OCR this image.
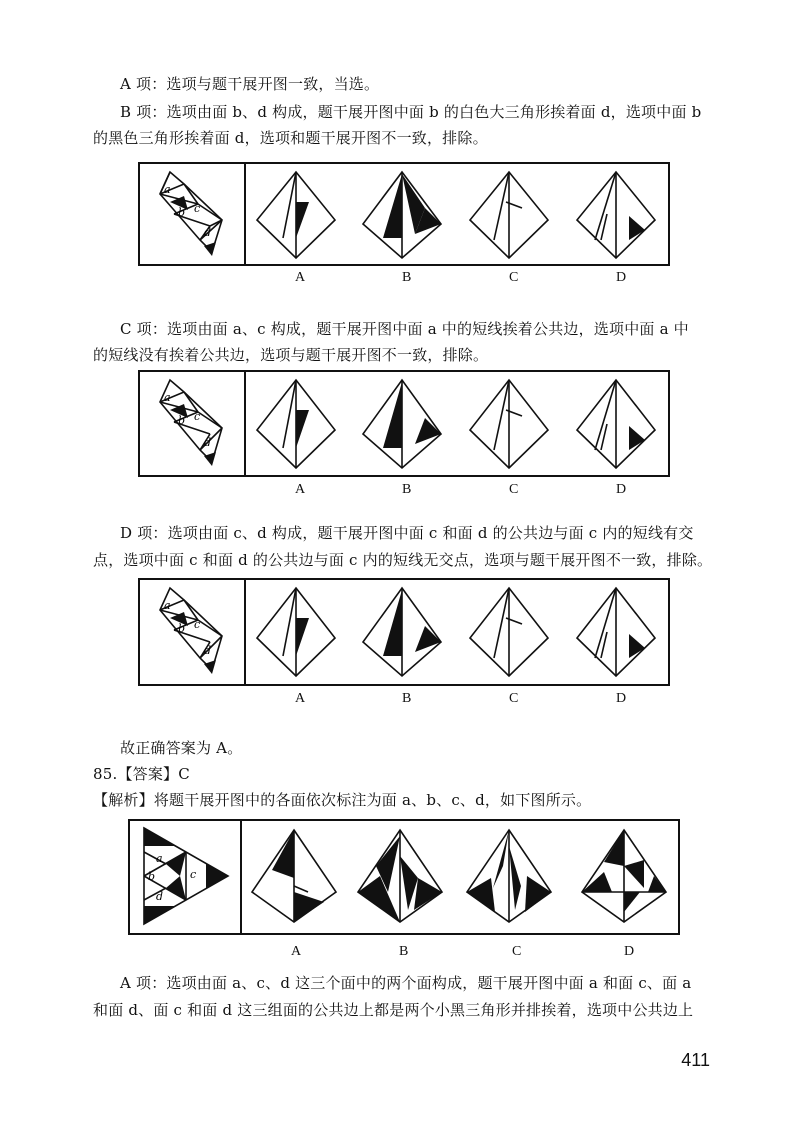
A 项：选项与题干展开图一致，当选。
B 项：选项由面 b、d 构成，题干展开图中面 b 的白色大三角形挨着面 d，选项中面 b
的黑色三角形挨着面 d，选项和题干展开图不一致，排除。
a
b c
d
A	B	C	D
C 项：选项由面 a、c 构成，题干展开图中面 a 中的短线挨着公共边，选项中面 a 中
的短线没有挨着公共边，选项与题干展开图不一致，排除。
a
b c
d
A	B	C	D
D 项：选项由面 c、d 构成，题干展开图中面 c 和面 d 的公共边与面 c 内的短线有交
点，选项中面 c 和面 d 的公共边与面 c 内的短线无交点，选项与题干展开图不一致，排除。
a
b c
d
A	B	C	D
故正确答案为 A。
85.【答案】C
【解析】将题干展开图中的各面依次标注为面 a、b、c、d，如下图所示。
a
b	c
d
A	B	C	D
A 项：选项由面 a、c、d 这三个面中的两个面构成，题干展开图中面 a 和面 c、面 a
和面 d、面 c 和面 d 这三组面的公共边上都是两个小黑三角形并排挨着，选项中公共边上
411
